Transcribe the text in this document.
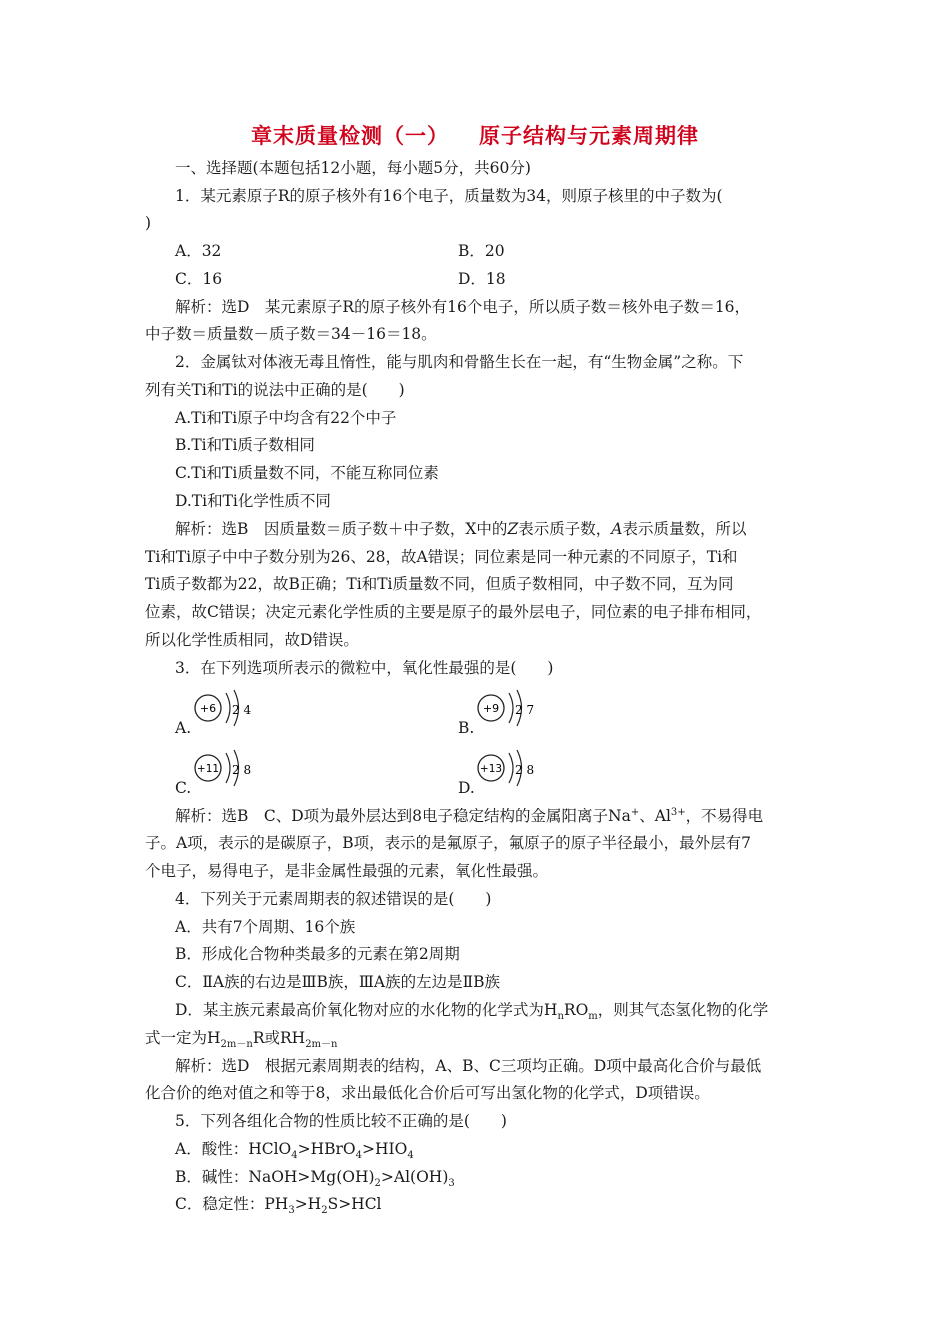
章末质量检测（一） 原子结构与元素周期律
一、选择题(本题包括12小题，每小题5分，共60分)
1．某元素原子R的原子核外有16个电子，质量数为34，则原子核里的中子数为(
)
A．32	B．20
C．16	D．18
解析：选D　某元素原子R的原子核外有16个电子，所以质子数＝核外电子数＝16，
中子数＝质量数－质子数＝34－16＝18。
2．金属钛对体液无毒且惰性，能与肌肉和骨骼生长在一起，有“生物金属”之称。下
列有关Ti和Ti的说法中正确的是(　　)
A.Ti和Ti原子中均含有22个中子
B.Ti和Ti质子数相同
C.Ti和Ti质量数不同，不能互称同位素
D.Ti和Ti化学性质不同
解析：选B　因质量数＝质子数＋中子数，X中的Z表示质子数，A表示质量数，所以
Ti和Ti原子中中子数分别为26、28，故A错误；同位素是同一种元素的不同原子，Ti和
Ti质子数都为22，故B正确；Ti和Ti质量数不同，但质子数相同，中子数不同，互为同
位素，故C错误；决定元素化学性质的主要是原子的最外层电子，同位素的电子排布相同，
所以化学性质相同，故D错误。
3．在下列选项所表示的微粒中，氧化性最强的是(　　)
A.
+6 2 4
B.
+9 2 7
C.
+11 2 8
D.
+13 2 8
解析：选B　C、D项为最外层达到8电子稳定结构的金属阳离子Na+、$Al^{3+}$，不易得电
子。A项，表示的是碳原子，B项，表示的是氟原子，氟原子的原子半径最小，最外层有7
个电子，易得电子，是非金属性最强的元素，氧化性最强。
4．下列关于元素周期表的叙述错误的是(　　)
A．共有7个周期、16个族
B．形成化合物种类最多的元素在第2周期
C．ⅡA族的右边是ⅢB族，ⅢA族的左边是ⅡB族
D．某主族元素最高价氧化物对应的水化物的化学式为$H_nRO_m$，则其气态氢化物的化学
式一定为$H_{2m-n}R$或$RH_{2m-n}$
解析：选D　根据元素周期表的结构，A、B、C三项均正确。D项中最高化合价与最低
化合价的绝对值之和等于8，求出最低化合价后可写出氢化物的化学式，D项错误。
5．下列各组化合物的性质比较不正确的是(　　)
A．酸性：$HClO_4>HBrO_4>HIO_4$
B．碱性：$NaOH>Mg(OH)_2>Al(OH)_3$
C．稳定性：$PH_3>H_2S>HCl$
